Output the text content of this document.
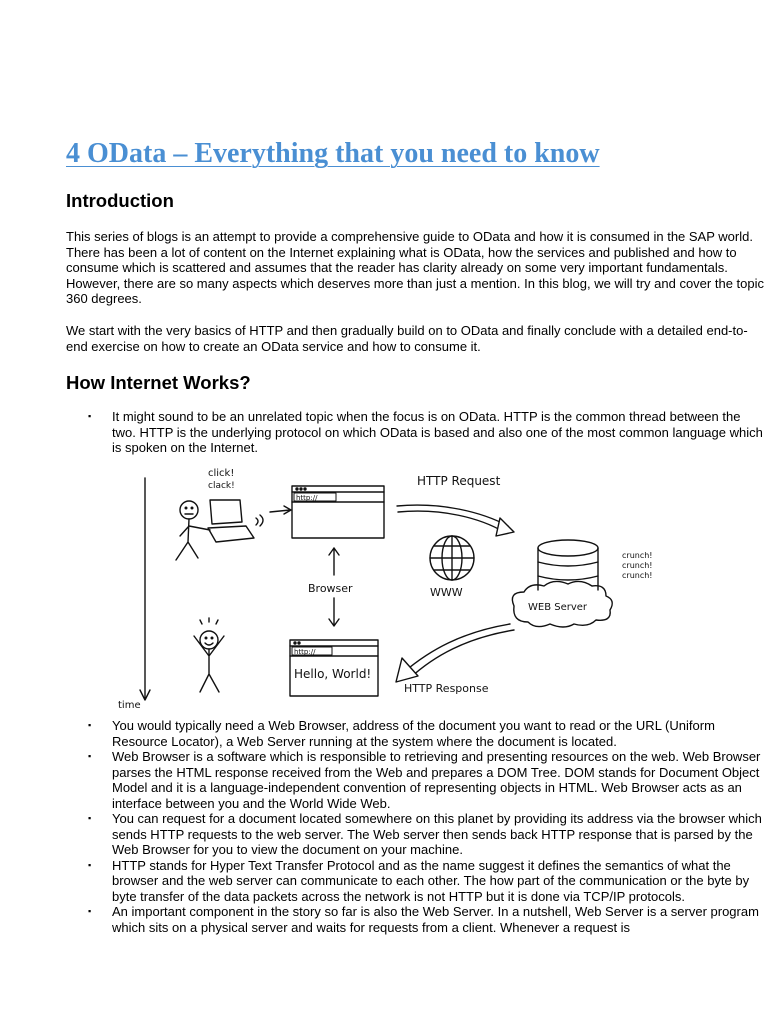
4 OData – Everything that you need to know
Introduction

This series of blogs is an attempt to provide a comprehensive guide to OData and how it is consumed in the SAP world. There has been a lot of content on the Internet explaining what is OData, how the services and published and how to consume which is scattered and assumes that the reader has clarity already on some very important fundamentals. However, there are so many aspects which deserves more than just a mention. In this blog, we will try and cover the topic 360 degrees.

We start with the very basics of HTTP and then gradually build on to OData and finally conclude with a detailed end-to-end exercise on how to create an OData service and how to consume it.

How Internet Works?
▪ It might sound to be an unrelated topic when the focus is on OData. HTTP is the common thread between the two. HTTP is the underlying protocol on which OData is based and also one of the most common language which is spoken on the Internet.
time
click!
clack!
http://
HTTP Request
WWW
WEB Server
crunch!
crunch!
crunch!
Browser
http://
Hello, World!
HTTP Response
▪ You would typically need a Web Browser, address of the document you want to read or the URL (Uniform Resource Locator), a Web Server running at the system where the document is located.
▪ Web Browser is a software which is responsible to retrieving and presenting resources on the web. Web Browser parses the HTML response received from the Web and prepares a DOM Tree. DOM stands for Document Object Model and it is a language-independent convention of representing objects in HTML. Web Browser acts as an interface between you and the World Wide Web.
▪ You can request for a document located somewhere on this planet by providing its address via the browser which sends HTTP requests to the web server. The Web server then sends back HTTP response that is parsed by the Web Browser for you to view the document on your machine.
▪ HTTP stands for Hyper Text Transfer Protocol and as the name suggest it defines the semantics of what the browser and the web server can communicate to each other. The how part of the communication or the byte by byte transfer of the data packets across the network is not HTTP but it is done via TCP/IP protocols.
▪ An important component in the story so far is also the Web Server. In a nutshell, Web Server is a server program which sits on a physical server and waits for requests from a client. Whenever a request is
